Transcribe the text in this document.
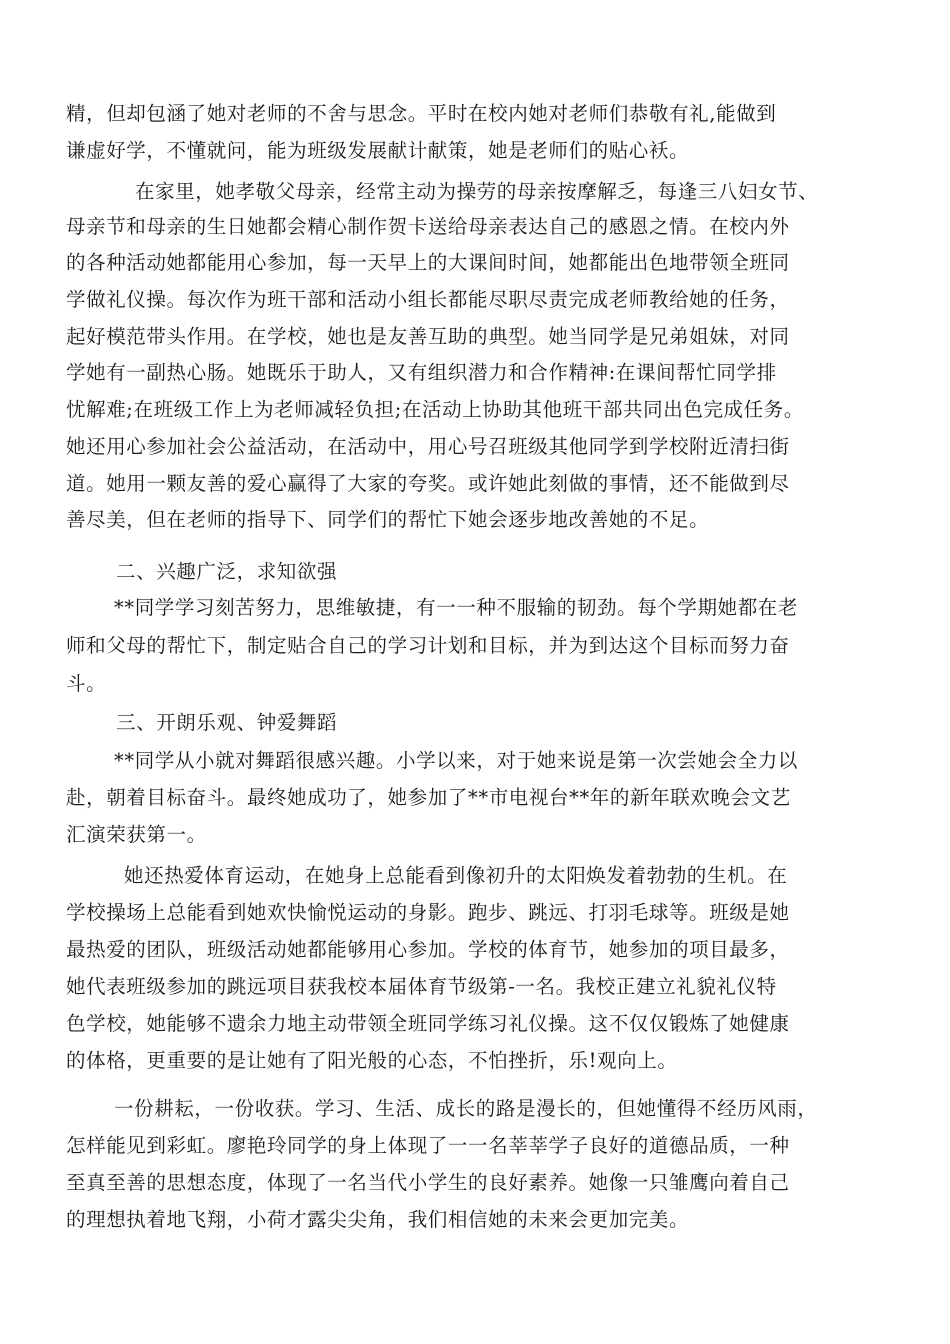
精，但却包涵了她对老师的不舍与思念。平时在校内她对老师们恭敬有礼,能做到
谦虚好学，不懂就问，能为班级发展献计献策，她是老师们的贴心袄。
在家里，她孝敬父母亲，经常主动为操劳的母亲按摩解乏，每逢三八妇女节、
母亲节和母亲的生日她都会精心制作贺卡送给母亲表达自己的感恩之情。在校内外
的各种活动她都能用心参加，每一天早上的大课间时间，她都能出色地带领全班同
学做礼仪操。每次作为班干部和活动小组长都能尽职尽责完成老师教给她的任务，
起好模范带头作用。在学校，她也是友善互助的典型。她当同学是兄弟姐妹，对同
学她有一副热心肠。她既乐于助人，又有组织潜力和合作精神:在课间帮忙同学排
忧解难;在班级工作上为老师减轻负担;在活动上协助其他班干部共同出色完成任务。
她还用心参加社会公益活动，在活动中，用心号召班级其他同学到学校附近清扫街
道。她用一颗友善的爱心赢得了大家的夸奖。或许她此刻做的事情，还不能做到尽
善尽美，但在老师的指导下、同学们的帮忙下她会逐步地改善她的不足。
二、兴趣广泛，求知欲强
**同学学习刻苦努力，思维敏捷，有一一种不服输的韧劲。每个学期她都在老
师和父母的帮忙下，制定贴合自己的学习计划和目标，并为到达这个目标而努力奋
斗。
三、开朗乐观、钟爱舞蹈
**同学从小就对舞蹈很感兴趣。小学以来，对于她来说是第一次尝她会全力以
赴，朝着目标奋斗。最终她成功了，她参加了**市电视台**年的新年联欢晚会文艺
汇演荣获第一。
她还热爱体育运动，在她身上总能看到像初升的太阳焕发着勃勃的生机。在
学校操场上总能看到她欢快愉悦运动的身影。跑步、跳远、打羽毛球等。班级是她
最热爱的团队，班级活动她都能够用心参加。学校的体育节，她参加的项目最多，
她代表班级参加的跳远项目获我校本届体育节级第-一名。我校正建立礼貌礼仪特
色学校，她能够不遗余力地主动带领全班同学练习礼仪操。这不仅仅锻炼了她健康
的体格，更重要的是让她有了阳光般的心态，不怕挫折，乐!观向上。
一份耕耘，一份收获。学习、生活、成长的路是漫长的，但她懂得不经历风雨，
怎样能见到彩虹。廖艳玲同学的身上体现了一一名莘莘学子良好的道德品质，一种
至真至善的思想态度，体现了一名当代小学生的良好素养。她像一只雏鹰向着自己
的理想执着地飞翔，小荷才露尖尖角，我们相信她的未来会更加完美。
